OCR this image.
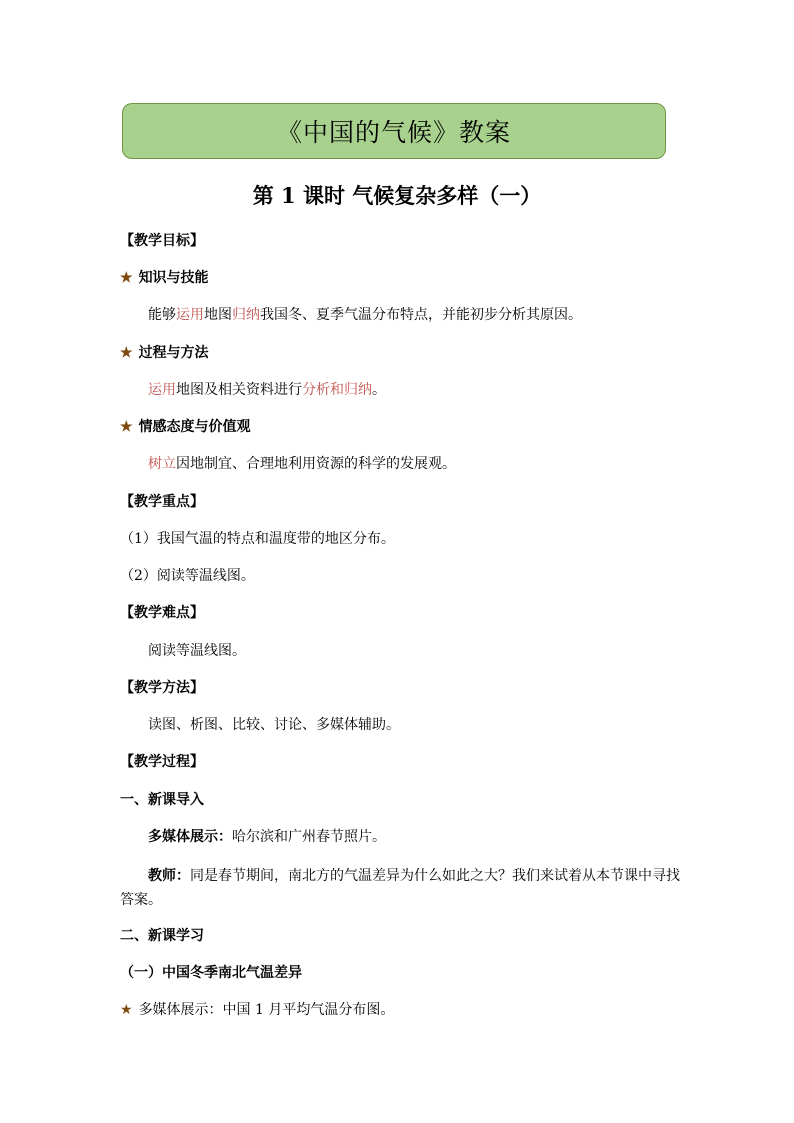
《中国的气候》教案
第 1 课时 气候复杂多样（一）
【教学目标】
★ 知识与技能
能够运用地图归纳我国冬、夏季气温分布特点，并能初步分析其原因。
★ 过程与方法
运用地图及相关资料进行分析和归纳。
★ 情感态度与价值观
树立因地制宜、合理地利用资源的科学的发展观。
【教学重点】
（1）我国气温的特点和温度带的地区分布。
（2）阅读等温线图。
【教学难点】
阅读等温线图。
【教学方法】
读图、析图、比较、讨论、多媒体辅助。
【教学过程】
一、新课导入
多媒体展示：哈尔滨和广州春节照片。
教师：同是春节期间，南北方的气温差异为什么如此之大？我们来试着从本节课中寻找答案。
二、新课学习
（一）中国冬季南北气温差异
★ 多媒体展示：中国 1 月平均气温分布图。
